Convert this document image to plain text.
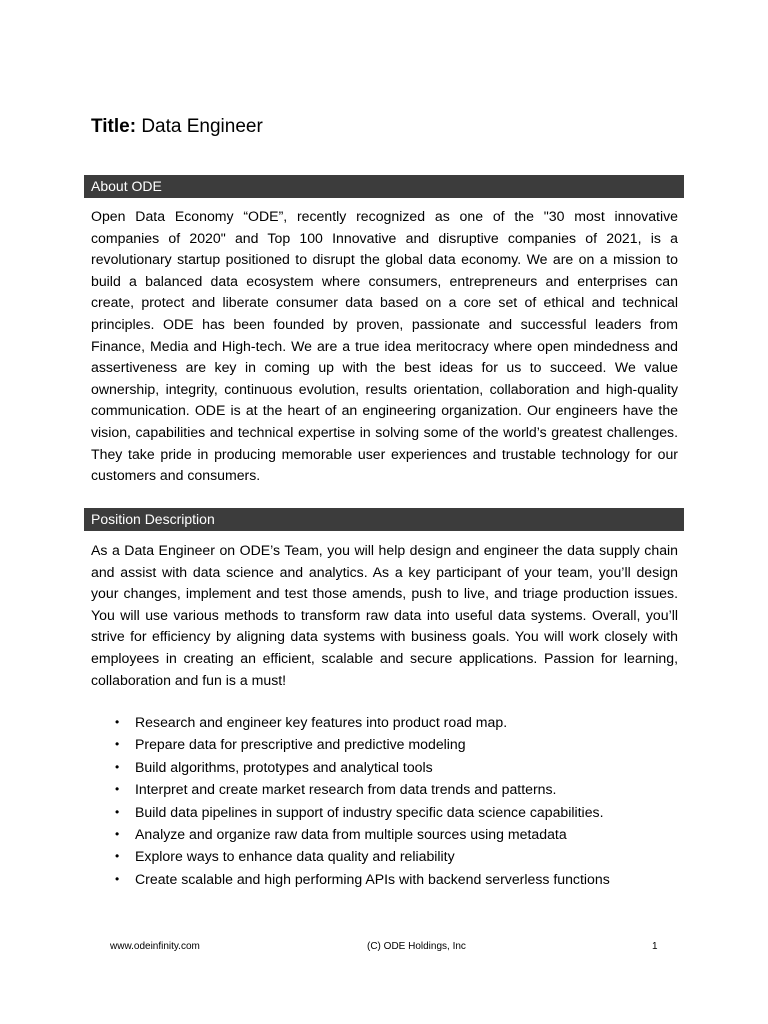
Title: Data Engineer
About ODE

Open Data Economy “ODE”, recently recognized as one of the "30 most innovative companies of 2020" and Top 100 Innovative and disruptive companies of 2021, is a revolutionary startup positioned to disrupt the global data economy. We are on a mission to build a balanced data ecosystem where consumers, entrepreneurs and enterprises can create, protect and liberate consumer data based on a core set of ethical and technical principles. ODE has been founded by proven, passionate and successful leaders from Finance, Media and High-tech. We are a true idea meritocracy where open mindedness and assertiveness are key in coming up with the best ideas for us to succeed. We value ownership, integrity, continuous evolution, results orientation, collaboration and high-quality communication. ODE is at the heart of an engineering organization. Our engineers have the vision, capabilities and technical expertise in solving some of the world’s greatest challenges. They take pride in producing memorable user experiences and trustable technology for our customers and consumers.

Position Description

As a Data Engineer on ODE’s Team, you will help design and engineer the data supply chain and assist with data science and analytics. As a key participant of your team, you’ll design your changes, implement and test those amends, push to live, and triage production issues. You will use various methods to transform raw data into useful data systems. Overall, you’ll strive for efficiency by aligning data systems with business goals. You will work closely with employees in creating an efficient, scalable and secure applications. Passion for learning, collaboration and fun is a must!

• Research and engineer key features into product road map.
• Prepare data for prescriptive and predictive modeling
• Build algorithms, prototypes and analytical tools
• Interpret and create market research from data trends and patterns.
• Build data pipelines in support of industry specific data science capabilities.
• Analyze and organize raw data from multiple sources using metadata
• Explore ways to enhance data quality and reliability
• Create scalable and high performing APIs with backend serverless functions
www.odeinfinity.com	(C) ODE Holdings, Inc	1
